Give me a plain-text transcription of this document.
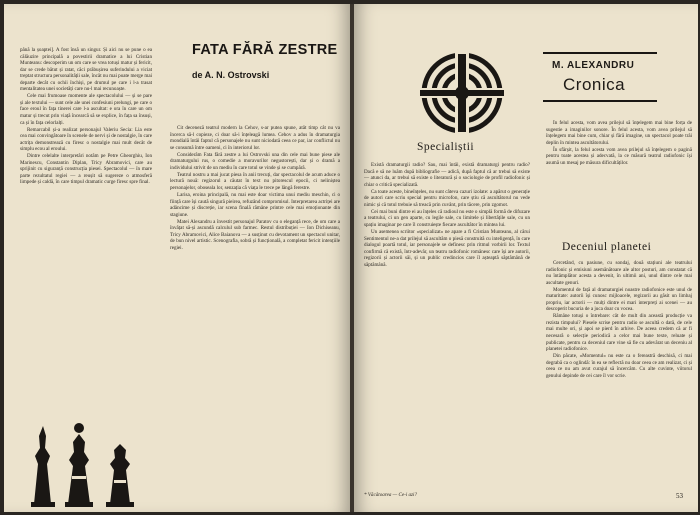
până la șoaptei]. A fost însă un singur. Și aici nu se pune o ea călăuzire principală a povestirii dramatice a lui Cristian Munteanu: descoperim un om care se vrea totuși matur și fericit, dar se crede bătut și ratat, căci prăbușirea suferindului a viciat treptat structura personalității sale, încât nu mai poate merge mai departe decât cu ochii închiși, pe drumul pe care i l-a trasat mentalitatea unei societăți care nu-l mai recunoaște.

Cele mai frumoase momente ale spectacolului — și se pare și ale textului — sunt cele ale unei confesiuni prelungi, pe care o face eroul în fața tinerei care l-a ascultat: e ora în care un om matur și trecut prin viață încearcă să se explice, în fața sa însuși, ca și în fața celorlalți.

Remarcabil și-a realizat personajul Valeriu Secia: Lia este cea mai convingătoare în scenele de nervi și de nostalgie, în care actrița demonstrează cu firesc o nostalgie mai mult decât de simplu ecou al eroului.

Dintre celelalte interpretări notăm pe Petre Gheorghiu, Ion Marinescu, Constantin Diplan, Tricy Abramovici, care au sprijinit cu siguranță construcția piesei. Spectacolul — în mare parte rezultatul regiei — a reușit să sugereze o atmosferă limpede și caldă, în care timpul dramatic curge firesc spre final.

FATA FĂRĂ ZESTRE
de A. N. Ostrovski

Cit deceneză teatrul modern la Cehov, s-ar putea spune, atât timp cât nu va încerca să-l copieze, ci doar să-i înțeleagă lumea. Cehov a adus în dramaturgia mondială întâi faptul că personajele nu sunt niciodată ceea ce par, iar conflictul nu se consumă între oameni, ci în interiorul lor.

Considerăm Fata fără zestre a lui Ostrovski una din cele mai bune piese ale dramaturgului rus, o comedie a moravurilor negustorești, dar și o dramă a individului strivit de un mediu în care totul se vinde și se cumpără.

Teatrul nostru a mai jucat piesa în anii trecuți, dar spectacolul de acum aduce o lectură nouă: regizorul a căutat în text nu pitorescul epocii, ci neliniștea personajelor, oboseala lor, senzația că viața le trece pe lângă ferestre.

Larisa, eroina principală, nu mai este doar victima unui mediu meschin, ci o ființă care își caută singură pieirea, refuzând compromisul. Interpretarea actriței are adâncime și discreție, iar scena finală rămâne printre cele mai emoționante din stagiune.

Matei Alexandru a învestit personajul Paratov cu o eleganță rece, de om care a învățat să-și ascundă calculul sub farmec. Restul distribuției — Ion Dichiseanu, Tricy Abramovici, Alice Baianova — a susținut cu devotament un spectacol unitar, de bun nivel artistic. Scenografia, sobră și funcțională, a completat fericit intențiile regiei.

Specialiștii

Există dramaturgii radio? Sau, mai întâi, există dramaturgi pentru radio? Dacă e să ne luăm după bibliografie — adică, după faptul că ar trebui să existe — atunci da, ar trebui să existe o literatură și o sociologie de profil radiofonic și chiar o critică specializată.

Ca toate aceste, bineînțeles, nu sunt câteva cazuri izolate: a apărut o generație de autori care scriu special pentru microfon, care știu că ascultătorul nu vede nimic și că totul trebuie să treacă prin cuvânt, prin tăcere, prin zgomot.

Cei mai buni dintre ei au înțeles că radioul nu este o simplă formă de difuzare a teatrului, ci un gen aparte, cu legile sale, cu limitele și libertățile sale, cu un spațiu imaginar pe care îl construiește fiecare ascultător în mintea lui.

Un asemenea scriitor «specializat» ne apare a fi Cristian Munteanu, al cărui Sentimentul ne-a dat prilejul să ascultăm o piesă construită cu inteligență, în care dialogul poartă totul, iar personajele se definesc prin ritmul vorbirii lor. Textul confirmă că există, într-adevăr, un teatru radiofonic românesc care își are autorii, regizorii și actorii săi, și un public credincios care îl așteaptă săptămână de săptămână.

* Văcătoarea — Ce-i azi?
M. ALEXANDRU
Cronica

În felul acesta, vom avea prilejul să înțelegem mai bine forța de sugestie a imaginilor sonore. În felul acesta, vom avea prilejul să înțelegem mai bine cum, chiar și fără imagine, un spectacol poate trăi deplin în mintea ascultătorului.

În sfârșit, la felul acesta vom avea prilejul să înțelegem o pagină pentru toate acestea și adecvată, la ce măsură teatrul radiofonic își asumă un mesaj pe măsura dificultăților.

Deceniul planetei

Cercetând, cu pasiune, cu sondaj, două stațiuni ale teatrului radiofonic și emisiuni asemănătoare ale altor posturi, am constatat că nu întâmplător acesta a devenit, în ultimii ani, unul dintre cele mai ascultate genuri.

Momentul de față al dramaturgiei noastre radiofonice este unul de maturitate: autorii își cunosc mijloacele, regizorii au găsit un limbaj propriu, iar actorii — mulți dintre ei mari interpreți ai scenei — au descoperit bucuria de a juca doar cu vocea.

Rămâne totuși o întrebare: cât de mult din această producție va rezista timpului? Piesele scrise pentru radio se ascultă o dată, de cele mai multe ori, și apoi se pierd în arhive. De aceea credem că ar fi necesară o selecție periodică a celor mai bune texte, reluate și publicate, pentru ca deceniul care vine să fie cu adevărat un deceniu al planetei radiofonice.

Din păcate, «Momentul» nu este ca o fereastră deschisă, ci mai degrabă ca o oglindă: în ea se reflectă nu doar ceea ce am realizat, ci și ceea ce nu am avut curajul să încercăm. Cu alte cuvinte, viitorul genului depinde de cei care îl vor scrie.

53
